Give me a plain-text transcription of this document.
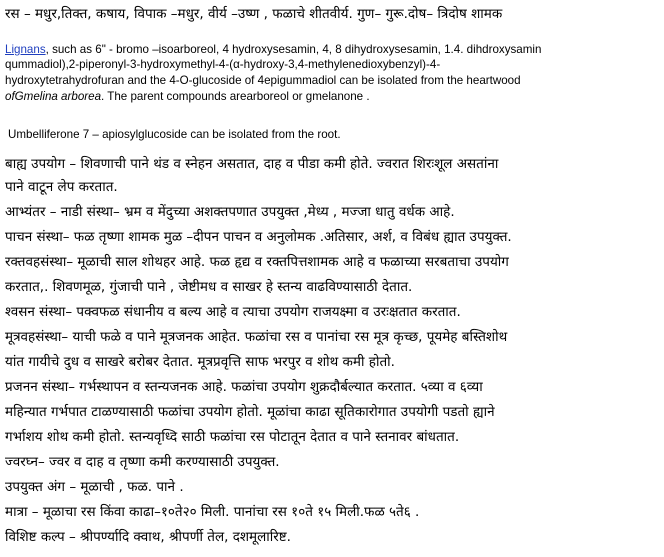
रस – मधुर,तिक्त, कषाय, विपाक –मधुर, वीर्य –उष्ण , फळाचे शीतवीर्य. गुण– गुरू.दोष– त्रिदोष शामक
Lignans, such as 6" - bromo –isoarboreol, 4 hydroxysesamin, 4, 8 dihydroxysesamin, 1.4. dihdroxysamin
qummadiol),2-piperonyl-3-hydroxymethyl-4-(α-hydroxy-3,4-methylenedioxybenzyl)-4-
hydroxytetrahydrofuran and the 4-O-glucoside of 4epigummadiol can be isolated from the heartwood
ofGmelina arborea. The parent compounds arearboreol or gmelanone .
Umbelliferone 7 – apiosylglucoside can be isolated from the root.
बाह्य उपयोग – शिवणाची पाने थंड व स्नेहन असतात, दाह व पीडा कमी होते. ज्वरात शिरःशूल असतांना
पाने वाटून लेप करतात.
आभ्यंतर – नाडी संस्था– भ्रम व मेंदुच्या अशक्तपणात उपयुक्त ,मेध्य , मज्जा धातु वर्धक आहे.
पाचन संस्था– फळ तृष्णा शामक मुळ –दीपन पाचन व अनुलोमक .अतिसार, अर्श, व विबंध ह्यात उपयुक्त.
रक्तवहसंस्था– मूळाची साल शोथहर आहे. फळ हृद्य व रक्तपित्तशामक आहे व फळाच्या सरबताचा उपयोग
करतात,. शिवणमूळ, गुंजाची पाने , जेष्टीमध व साखर हे स्तन्य वाढविण्यासाठी देतात.
श्वसन संस्था– पक्वफळ संधानीय व बल्य आहे व त्याचा उपयोग राजयक्ष्मा व उरःक्षतात करतात.
मूत्रवहसंस्था– याची फळे व पाने मूत्रजनक आहेत. फळांचा रस व पानांचा रस मूत्र कृच्छ, पूयमेह बस्तिशोथ
यांत गायीचे दुध व साखरे बरोबर देतात. मूत्रप्रवृत्ति साफ भरपुर व शोथ कमी होतो.
प्रजनन संस्था– गर्भस्थापन व स्तन्यजनक आहे. फळांचा उपयोग शुक्रदौर्बल्यात करतात. ५व्या व ६व्या
महिन्यात गर्भपात टाळण्यासाठी फळांचा उपयोग होतो. मूळांचा काढा सूतिकारोगात उपयोगी पडतो ह्याने
गर्भाशय शोथ कमी होतो. स्तन्यवृध्दि साठी फळांचा रस पोटातून देतात व पाने स्तनावर बांधतात.
ज्वरघ्न– ज्वर व दाह व तृष्णा कमी करण्यासाठी उपयुक्त.
उपयुक्त अंग – मूळाची , फळ. पाने .
मात्रा – मूळाचा रस किंवा काढा–१०ते२० मिली. पानांचा रस १०ते १५ मिली.फळ ५ते६ .
विशिष्ट कल्प – श्रीपर्ण्यादि क्वाथ, श्रीपर्णी तेल, दशमूलारिष्ट.
